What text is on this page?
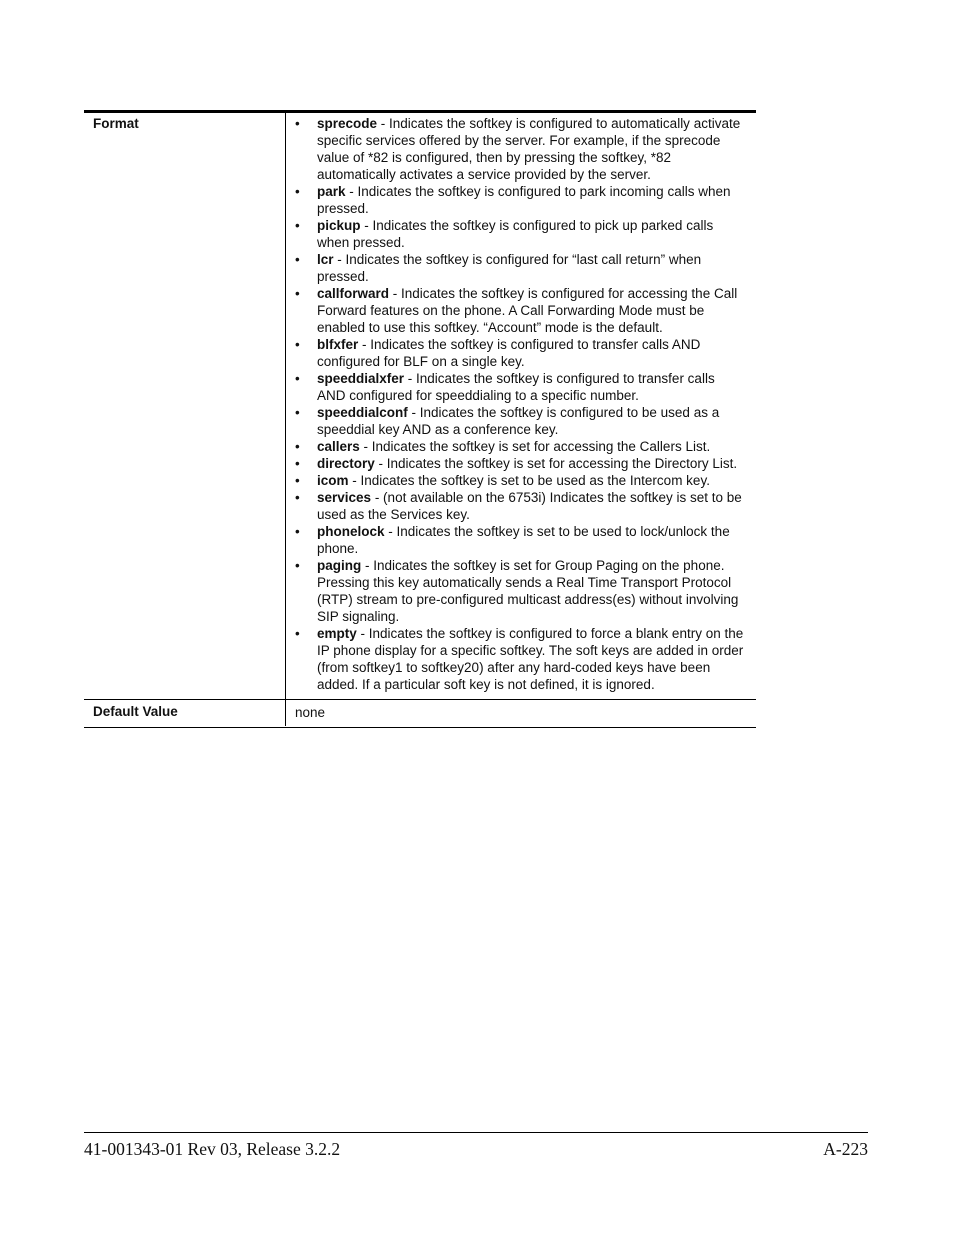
Format	• sprecode - Indicates the softkey is configured to automatically activate specific services offered by the server. For example, if the sprecode value of *82 is configured, then by pressing the softkey, *82 automatically activates a service provided by the server.
• park - Indicates the softkey is configured to park incoming calls when pressed.
• pickup - Indicates the softkey is configured to pick up parked calls when pressed.
• lcr - Indicates the softkey is configured for “last call return” when pressed.
• callforward - Indicates the softkey is configured for accessing the Call Forward features on the phone. A Call Forwarding Mode must be enabled to use this softkey. “Account” mode is the default.
• blfxfer - Indicates the softkey is configured to transfer calls AND configured for BLF on a single key.
• speeddialxfer - Indicates the softkey is configured to transfer calls AND configured for speeddialing to a specific number.
• speeddialconf - Indicates the softkey is configured to be used as a speeddial key AND as a conference key.
• callers - Indicates the softkey is set for accessing the Callers List.
• directory - Indicates the softkey is set for accessing the Directory List.
• icom - Indicates the softkey is set to be used as the Intercom key.
• services - (not available on the 6753i) Indicates the softkey is set to be used as the Services key.
• phonelock - Indicates the softkey is set to be used to lock/unlock the phone.
• paging - Indicates the softkey is set for Group Paging on the phone. Pressing this key automatically sends a Real Time Transport Protocol (RTP) stream to pre-configured multicast address(es) without involving SIP signaling.
• empty - Indicates the softkey is configured to force a blank entry on the IP phone display for a specific softkey. The soft keys are added in order (from softkey1 to softkey20) after any hard-coded keys have been added. If a particular soft key is not defined, it is ignored.
Default Value	none
41-001343-01 Rev 03, Release 3.2.2	A-223
